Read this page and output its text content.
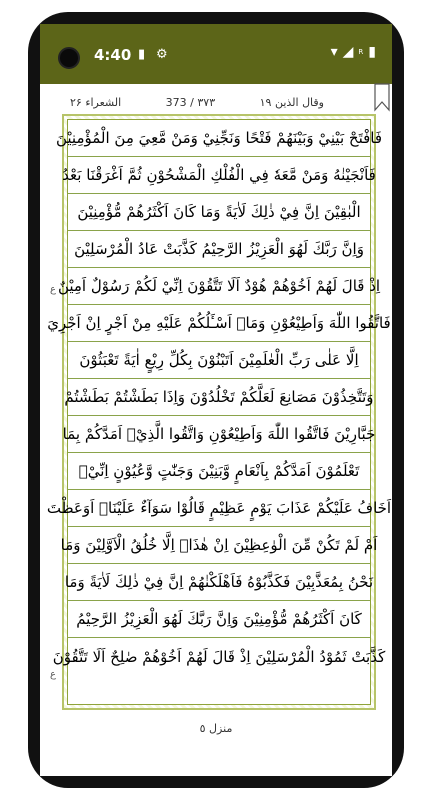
4:40 ▮ ⚙	▾ ◢ R ▮
الشعراء ۲۶	373 / ٣٧٣	وقال الذين ١٩
ع
ع
فَافْتَحْ بَيْنِيْ وَبَيْنَهُمْ فَتْحًا وَنَجِّنِيْ وَمَنْ مَّعِيَ مِنَ الْمُؤْمِنِيْنَ
فَاَنْجَيْنٰهُ وَمَنْ مَّعَهٗ فِي الْفُلْكِ الْمَشْحُوْنِ ثُمَّ اَغْرَقْنَا بَعْدُ
الْبٰقِيْنَ اِنَّ فِيْ ذٰلِكَ لَاٰيَةً وَمَا كَانَ اَكْثَرُهُمْ مُّؤْمِنِيْنَ
وَاِنَّ رَبَّكَ لَهُوَ الْعَزِيْزُ الرَّحِيْمُ كَذَّبَتْ عَادُ الْمُرْسَلِيْنَ
اِذْ قَالَ لَهُمْ اَخُوْهُمْ هُوْدٌ اَلَا تَتَّقُوْنَ اِنِّيْ لَكُمْ رَسُوْلٌ اَمِيْنٌ
فَاتَّقُوا اللّٰهَ وَاَطِيْعُوْنِ وَمَاۤ اَسْـَٔلُكُمْ عَلَيْهِ مِنْ اَجْرٍ اِنْ اَجْرِيَ
اِلَّا عَلٰى رَبِّ الْعٰلَمِيْنَ اَتَبْنُوْنَ بِكُلِّ رِيْعٍ اٰيَةً تَعْبَثُوْنَ
وَتَتَّخِذُوْنَ مَصَانِعَ لَعَلَّكُمْ تَخْلُدُوْنَ وَاِذَا بَطَشْتُمْ بَطَشْتُمْ
جَبَّارِيْنَ فَاتَّقُوا اللّٰهَ وَاَطِيْعُوْنِ وَاتَّقُوا الَّذِيْۤ اَمَدَّكُمْ بِمَا
تَعْلَمُوْنَ اَمَدَّكُمْ بِاَنْعَامٍ وَّبَنِيْنَ وَجَنّٰتٍ وَّعُيُوْنٍ اِنِّيْۤ
اَخَافُ عَلَيْكُمْ عَذَابَ يَوْمٍ عَظِيْمٍ قَالُوْا سَوَآءٌ عَلَيْنَاۤ اَوَعَظْتَ
اَمْ لَمْ تَكُنْ مِّنَ الْوٰعِظِيْنَ اِنْ هٰذَاۤ اِلَّا خُلُقُ الْاَوَّلِيْنَ وَمَا
نَحْنُ بِمُعَذَّبِيْنَ فَكَذَّبُوْهُ فَاَهْلَكْنٰهُمْ اِنَّ فِيْ ذٰلِكَ لَاٰيَةً وَمَا
كَانَ اَكْثَرُهُمْ مُّؤْمِنِيْنَ وَاِنَّ رَبَّكَ لَهُوَ الْعَزِيْزُ الرَّحِيْمُ
كَذَّبَتْ ثَمُوْدُ الْمُرْسَلِيْنَ اِذْ قَالَ لَهُمْ اَخُوْهُمْ صٰلِحٌ اَلَا تَتَّقُوْنَ
منزل ٥
